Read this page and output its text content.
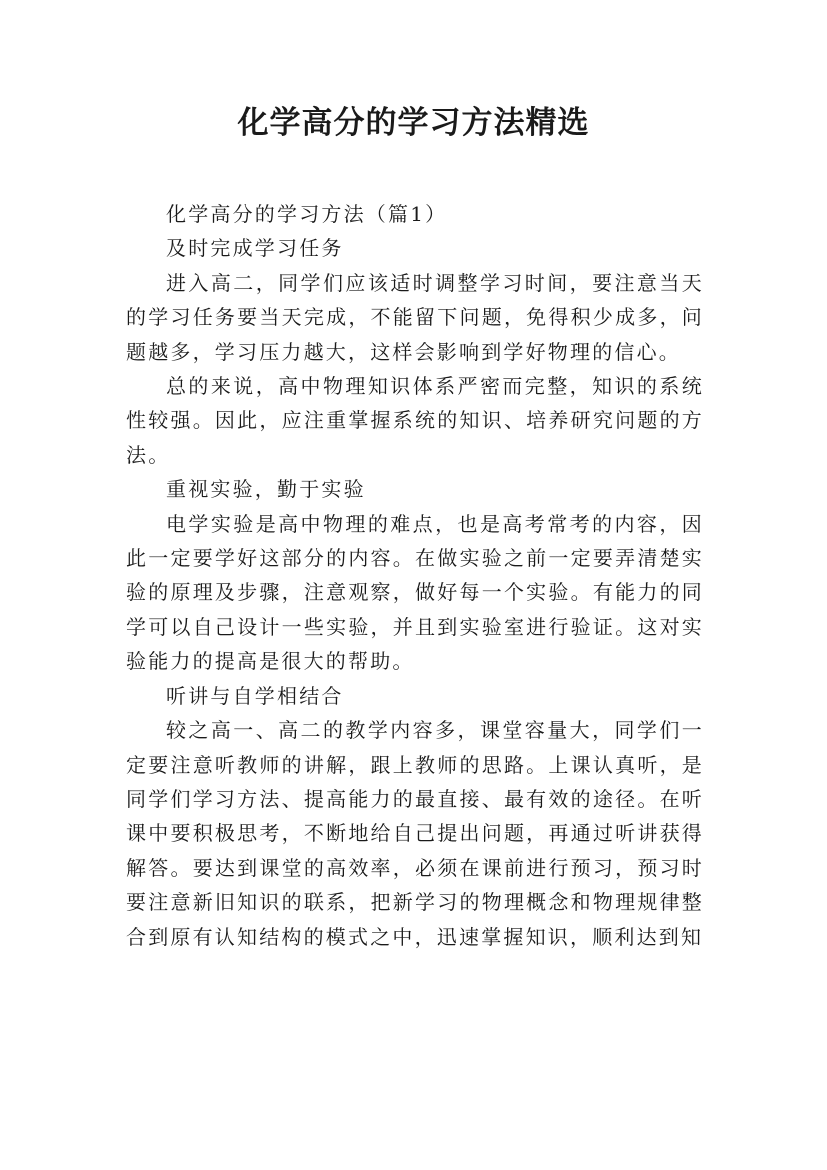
化学高分的学习方法精选

化学高分的学习方法（篇1）

及时完成学习任务

进入高二，同学们应该适时调整学习时间，要注意当天的学习任务要当天完成，不能留下问题，免得积少成多，问题越多，学习压力越大，这样会影响到学好物理的信心。

总的来说，高中物理知识体系严密而完整，知识的系统性较强。因此，应注重掌握系统的知识、培养研究问题的方法。

重视实验，勤于实验

电学实验是高中物理的难点，也是高考常考的内容，因此一定要学好这部分的内容。在做实验之前一定要弄清楚实验的原理及步骤，注意观察，做好每一个实验。有能力的同学可以自己设计一些实验，并且到实验室进行验证。这对实验能力的提高是很大的帮助。

听讲与自学相结合

较之高一、高二的教学内容多，课堂容量大，同学们一定要注意听教师的讲解，跟上教师的思路。上课认真听，是同学们学习方法、提高能力的最直接、最有效的途径。在听课中要积极思考，不断地给自己提出问题，再通过听讲获得解答。要达到课堂的高效率，必须在课前进行预习，预习时要注意新旧知识的联系，把新学习的物理概念和物理规律整合到原有认知结构的模式之中，迅速掌握知识，顺利达到知
